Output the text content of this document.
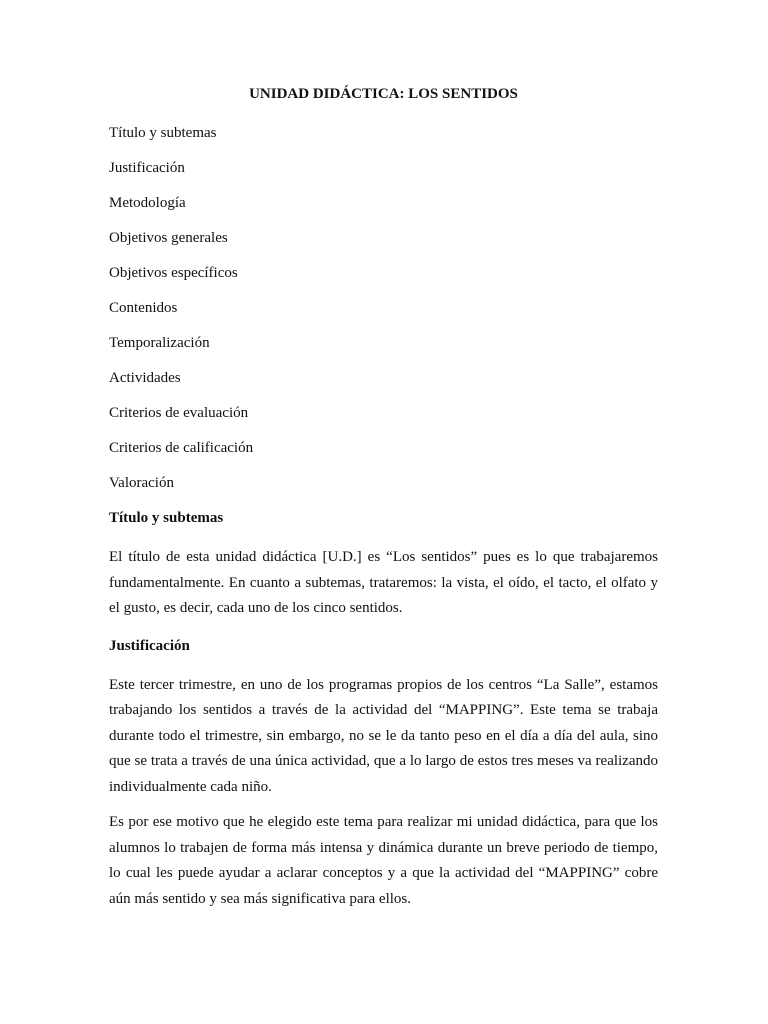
UNIDAD DIDÁCTICA: LOS SENTIDOS
Título y subtemas
Justificación
Metodología
Objetivos generales
Objetivos específicos
Contenidos
Temporalización
Actividades
Criterios de evaluación
Criterios de calificación
Valoración
Título y subtemas

El título de esta unidad didáctica [U.D.] es “Los sentidos” pues es lo que trabajaremos fundamentalmente. En cuanto a subtemas, trataremos: la vista, el oído, el tacto, el olfato y el gusto, es decir, cada uno de los cinco sentidos.

Justificación

Este tercer trimestre, en uno de los programas propios de los centros “La Salle”, estamos trabajando los sentidos a través de la actividad del “MAPPING”. Este tema se trabaja durante todo el trimestre, sin embargo, no se le da tanto peso en el día a día del aula, sino que se trata a través de una única actividad, que a lo largo de estos tres meses va realizando individualmente cada niño.

Es por ese motivo que he elegido este tema para realizar mi unidad didáctica, para que los alumnos lo trabajen de forma más intensa y dinámica durante un breve periodo de tiempo, lo cual les puede ayudar a aclarar conceptos y a que la actividad del “MAPPING” cobre aún más sentido y sea más significativa para ellos.
